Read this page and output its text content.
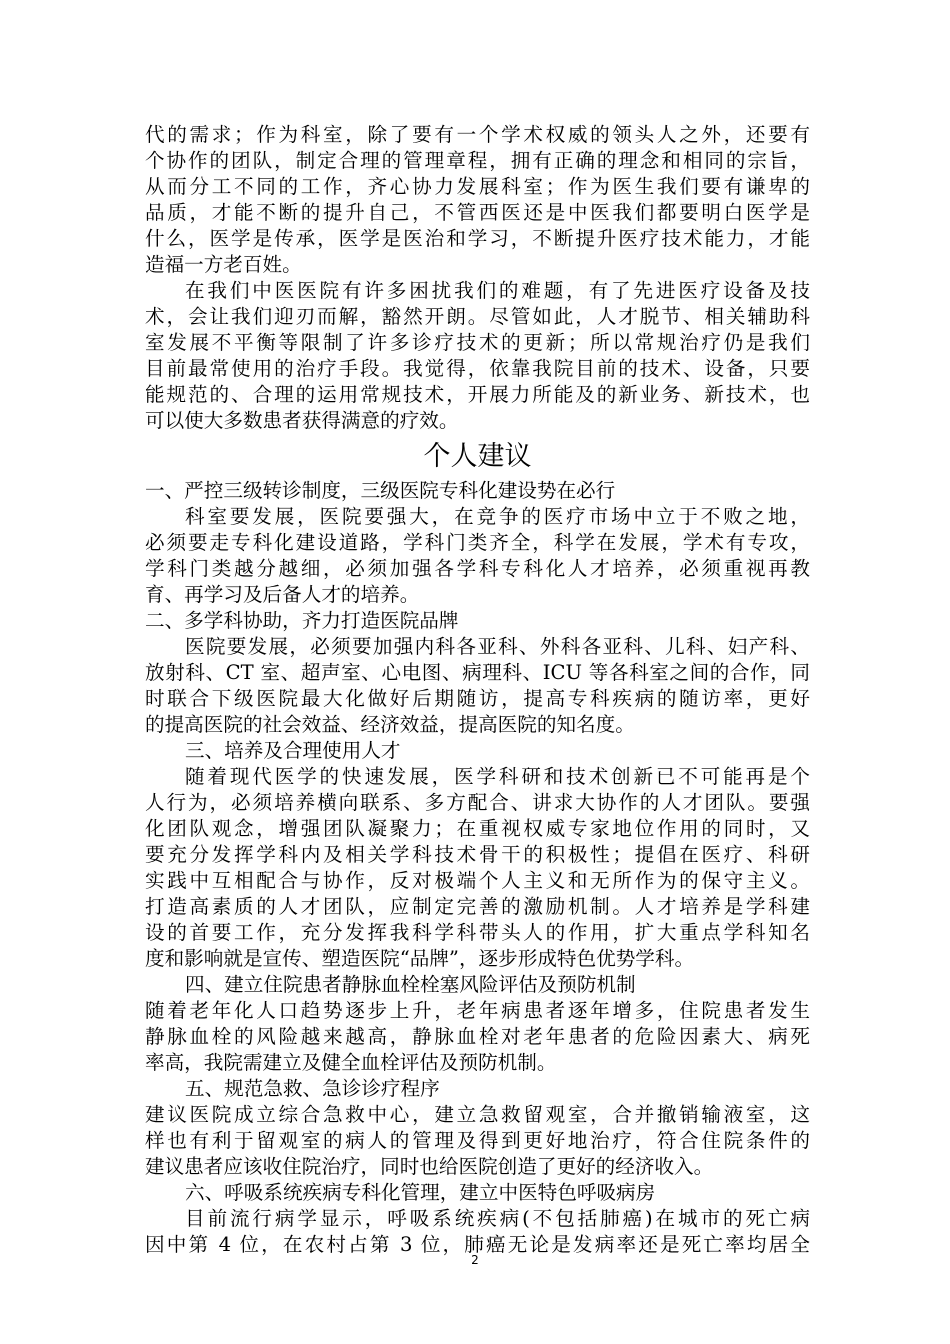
代的需求；作为科室，除了要有一个学术权威的领头人之外，还要有
个协作的团队，制定合理的管理章程，拥有正确的理念和相同的宗旨，
从而分工不同的工作，齐心协力发展科室；作为医生我们要有谦卑的
品质，才能不断的提升自己，不管西医还是中医我们都要明白医学是
什么，医学是传承，医学是医治和学习，不断提升医疗技术能力，才能
造福一方老百姓。
在我们中医医院有许多困扰我们的难题，有了先进医疗设备及技
术，会让我们迎刃而解，豁然开朗。尽管如此，人才脱节、相关辅助科
室发展不平衡等限制了许多诊疗技术的更新；所以常规治疗仍是我们
目前最常使用的治疗手段。我觉得，依靠我院目前的技术、设备，只要
能规范的、合理的运用常规技术，开展力所能及的新业务、新技术，也
可以使大多数患者获得满意的疗效。
个人建议
一、严控三级转诊制度，三级医院专科化建设势在必行
科室要发展，医院要强大，在竞争的医疗市场中立于不败之地，
必须要走专科化建设道路，学科门类齐全，科学在发展，学术有专攻，
学科门类越分越细，必须加强各学科专科化人才培养，必须重视再教
育、再学习及后备人才的培养。
二、多学科协助，齐力打造医院品牌
医院要发展，必须要加强内科各亚科、外科各亚科、儿科、妇产科、
放射科、CT 室、超声室、心电图、病理科、ICU 等各科室之间的合作，同
时联合下级医院最大化做好后期随访，提高专科疾病的随访率，更好
的提高医院的社会效益、经济效益，提高医院的知名度。
三、培养及合理使用人才
随着现代医学的快速发展，医学科研和技术创新已不可能再是个
人行为，必须培养横向联系、多方配合、讲求大协作的人才团队。要强
化团队观念，增强团队凝聚力；在重视权威专家地位作用的同时，又
要充分发挥学科内及相关学科技术骨干的积极性；提倡在医疗、科研
实践中互相配合与协作，反对极端个人主义和无所作为的保守主义。
打造高素质的人才团队，应制定完善的激励机制。人才培养是学科建
设的首要工作，充分发挥我科学科带头人的作用，扩大重点学科知名
度和影响就是宣传、塑造医院“品牌”，逐步形成特色优势学科。
四、建立住院患者静脉血栓栓塞风险评估及预防机制
随着老年化人口趋势逐步上升，老年病患者逐年增多，住院患者发生
静脉血栓的风险越来越高，静脉血栓对老年患者的危险因素大、病死
率高，我院需建立及健全血栓评估及预防机制。
五、规范急救、急诊诊疗程序
建议医院成立综合急救中心，建立急救留观室，合并撤销输液室，这
样也有利于留观室的病人的管理及得到更好地治疗，符合住院条件的
建议患者应该收住院治疗，同时也给医院创造了更好的经济收入。
六、呼吸系统疾病专科化管理，建立中医特色呼吸病房
目前流行病学显示，呼吸系统疾病(不包括肺癌)在城市的死亡病
因中第 4 位，在农村占第 3 位，肺癌无论是发病率还是死亡率均居全
2
